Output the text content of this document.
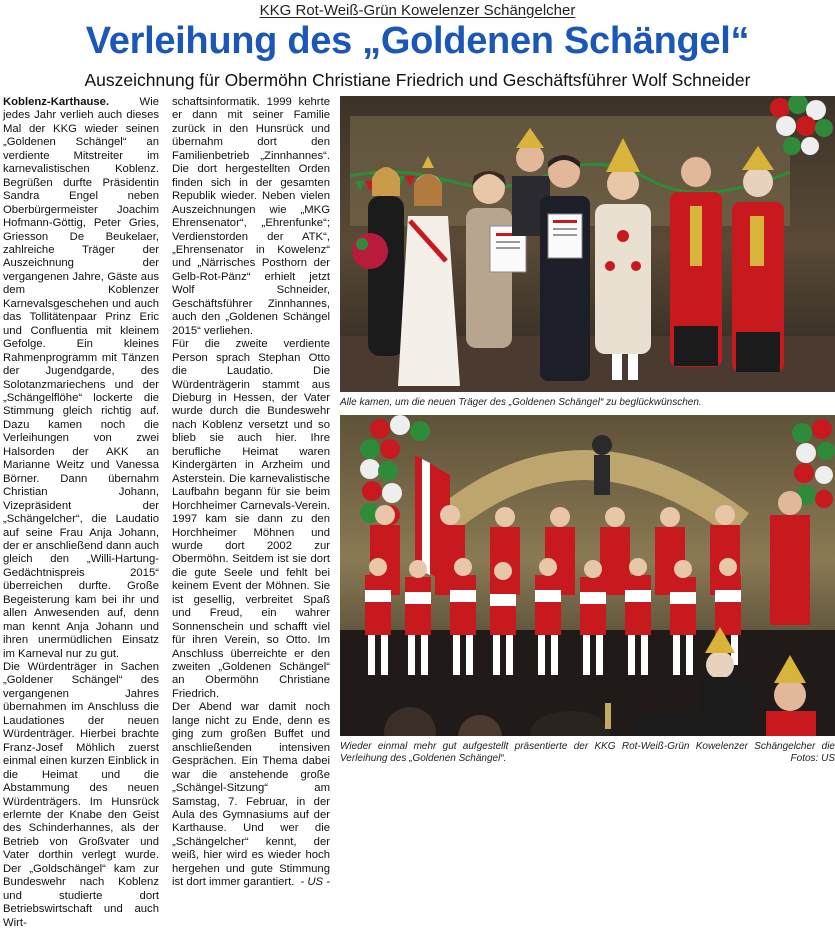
KKG Rot-Weiß-Grün Kowelenzer Schängelcher
Verleihung des „Goldenen Schängel“
Auszeichnung für Obermöhn Christiane Friedrich und Geschäftsführer Wolf Schneider

Koblenz-Karthause.	Wie jedes Jahr verlieh auch dieses Mal der KKG wieder seinen „Goldenen Schängel“ an verdiente Mitstreiter im karnevalistischen Koblenz. Begrüßen durfte Präsidentin Sandra Engel neben Oberbürgermeister Joachim Hofmann-Göttig, Peter Gries, Griesson De Beukelaer, zahlreiche Träger der Auszeichnung der vergangenen Jahre, Gäste aus dem Koblenzer Karnevalsgeschehen und auch das Tollitätenpaar Prinz Eric und Confluentia mit kleinem Gefolge. Ein kleines Rahmenprogramm mit Tänzen der Jugendgarde, des Solotanzmariechens und der „Schängelflöhe“ lockerte die Stimmung gleich richtig auf. Dazu kamen noch die Verleihungen von zwei Halsorden der AKK an Marianne Weitz und Vanessa Börner. Dann übernahm Christian Johann, Vizepräsident der „Schängelcher“, die Laudatio auf seine Frau Anja Johann, der er anschließend dann auch gleich den „Willi-Hartung-Gedächtnispreis 2015“ überreichen durfte. Große Begeisterung kam bei ihr und allen Anwesenden auf, denn man kennt Anja Johann und ihren unermüdlichen Einsatz im Karneval nur zu gut.

Die Würdenträger in Sachen „Goldener Schängel“ des vergangenen Jahres übernahmen im Anschluss die Laudationes der neuen Würdenträger. Hierbei brachte Franz-Josef Möhlich zuerst einmal einen kurzen Einblick in die Heimat und die Abstammung des neuen Würdenträgers. Im Hunsrück erlernte der Knabe den Geist des Schinderhannes, als der Betrieb von Großvater und Vater dorthin verlegt wurde. Der „Goldschängel“ kam zur Bundeswehr nach Koblenz und studierte dort Betriebswirtschaft und auch Wirt-

schaftsinformatik. 1999 kehrte er dann mit seiner Familie zurück in den Hunsrück und übernahm dort den Familienbetrieb „Zinnhannes“. Die dort hergestellten Orden finden sich in der gesamten Republik wieder. Neben vielen Auszeichnungen wie „MKG Ehrensenator“, „Ehrenfunke“; Verdienstorden der ATK“, „Ehrensenator in Kowelenz“ und „Närrisches Posthorn der Gelb-Rot-Pänz“ erhielt jetzt Wolf Schneider, Geschäftsführer Zinnhannes, auch den „Goldenen Schängel 2015“ verliehen.

Für die zweite verdiente Person sprach Stephan Otto die Laudatio. Die Würdenträgerin stammt aus Dieburg in Hessen, der Vater wurde durch die Bundeswehr nach Koblenz versetzt und so blieb sie auch hier. Ihre berufliche Heimat waren Kindergärten in Arzheim und Asterstein. Die karnevalistische Laufbahn begann für sie beim Horchheimer Carnevals-Verein. 1997 kam sie dann zu den Horchheimer Möhnen und wurde dort 2002 zur Obermöhn. Seitdem ist sie dort die gute Seele und fehlt bei keinem Event der Möhnen. Sie ist gesellig, verbreitet Spaß und Freud, ein wahrer Sonnenschein und schafft viel für ihren Verein, so Otto. Im Anschluss überreichte er den zweiten „Goldenen Schängel“ an Obermöhn Christiane Friedrich.

Der Abend war damit noch lange nicht zu Ende, denn es ging zum großen Buffet und anschließenden intensiven Gesprächen. Ein Thema dabei war die anstehende große „Schängel-Sitzung“ am Samstag, 7. Februar, in der Aula des Gymnasiums auf der Karthause. Und wer die „Schängelcher“ kennt, der weiß, hier wird es wieder hoch hergehen und gute Stimmung ist dort immer garantiert. - US -

Alle kamen, um die neuen Träger des „Goldenen Schängel“ zu beglückwünschen.
Wieder einmal mehr gut aufgestellt präsentierte der KKG Rot-Weiß-Grün Kowelenzer Schängelcher die Verleihung des „Goldenen Schängel“.	Fotos: US
